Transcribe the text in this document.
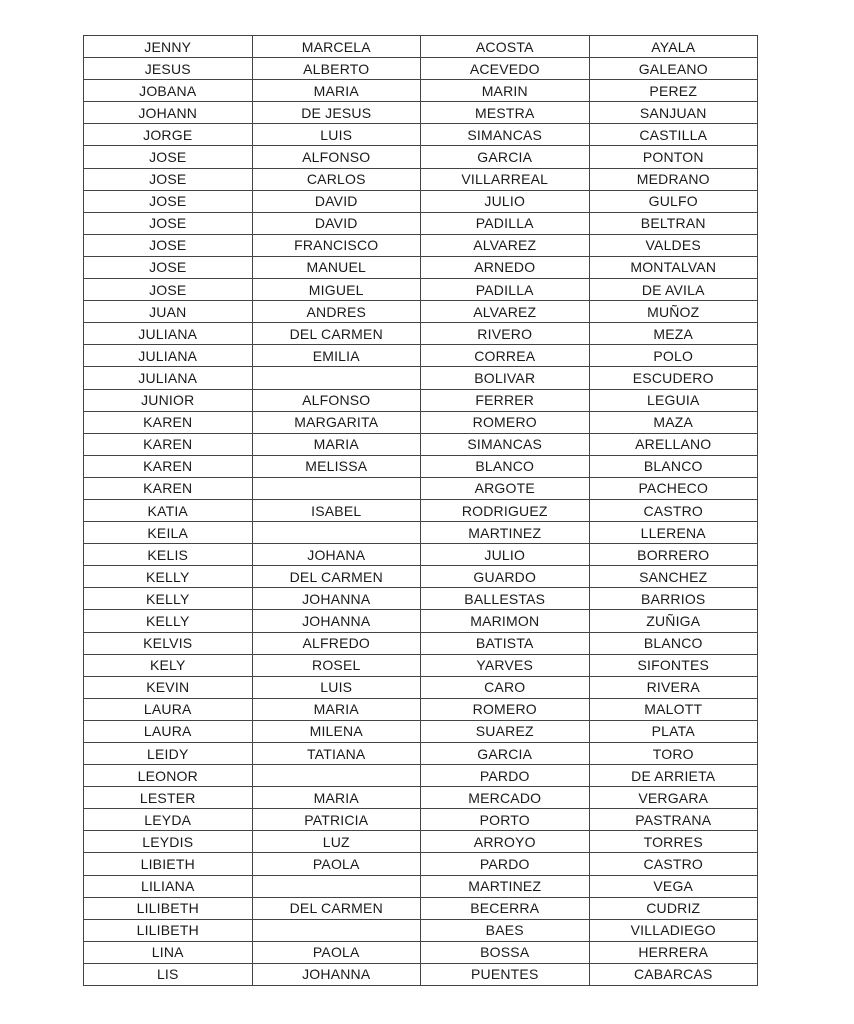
JENNY	MARCELA	ACOSTA	AYALA
JESUS	ALBERTO	ACEVEDO	GALEANO
JOBANA	MARIA	MARIN	PEREZ
JOHANN	DE JESUS	MESTRA	SANJUAN
JORGE	LUIS	SIMANCAS	CASTILLA
JOSE	ALFONSO	GARCIA	PONTON
JOSE	CARLOS	VILLARREAL	MEDRANO
JOSE	DAVID	JULIO	GULFO
JOSE	DAVID	PADILLA	BELTRAN
JOSE	FRANCISCO	ALVAREZ	VALDES
JOSE	MANUEL	ARNEDO	MONTALVAN
JOSE	MIGUEL	PADILLA	DE AVILA
JUAN	ANDRES	ALVAREZ	MUÑOZ
JULIANA	DEL CARMEN	RIVERO	MEZA
JULIANA	EMILIA	CORREA	POLO
JULIANA		BOLIVAR	ESCUDERO
JUNIOR	ALFONSO	FERRER	LEGUIA
KAREN	MARGARITA	ROMERO	MAZA
KAREN	MARIA	SIMANCAS	ARELLANO
KAREN	MELISSA	BLANCO	BLANCO
KAREN		ARGOTE	PACHECO
KATIA	ISABEL	RODRIGUEZ	CASTRO
KEILA		MARTINEZ	LLERENA
KELIS	JOHANA	JULIO	BORRERO
KELLY	DEL CARMEN	GUARDO	SANCHEZ
KELLY	JOHANNA	BALLESTAS	BARRIOS
KELLY	JOHANNA	MARIMON	ZUÑIGA
KELVIS	ALFREDO	BATISTA	BLANCO
KELY	ROSEL	YARVES	SIFONTES
KEVIN	LUIS	CARO	RIVERA
LAURA	MARIA	ROMERO	MALOTT
LAURA	MILENA	SUAREZ	PLATA
LEIDY	TATIANA	GARCIA	TORO
LEONOR		PARDO	DE ARRIETA
LESTER	MARIA	MERCADO	VERGARA
LEYDA	PATRICIA	PORTO	PASTRANA
LEYDIS	LUZ	ARROYO	TORRES
LIBIETH	PAOLA	PARDO	CASTRO
LILIANA		MARTINEZ	VEGA
LILIBETH	DEL CARMEN	BECERRA	CUDRIZ
LILIBETH		BAES	VILLADIEGO
LINA	PAOLA	BOSSA	HERRERA
LIS	JOHANNA	PUENTES	CABARCAS
